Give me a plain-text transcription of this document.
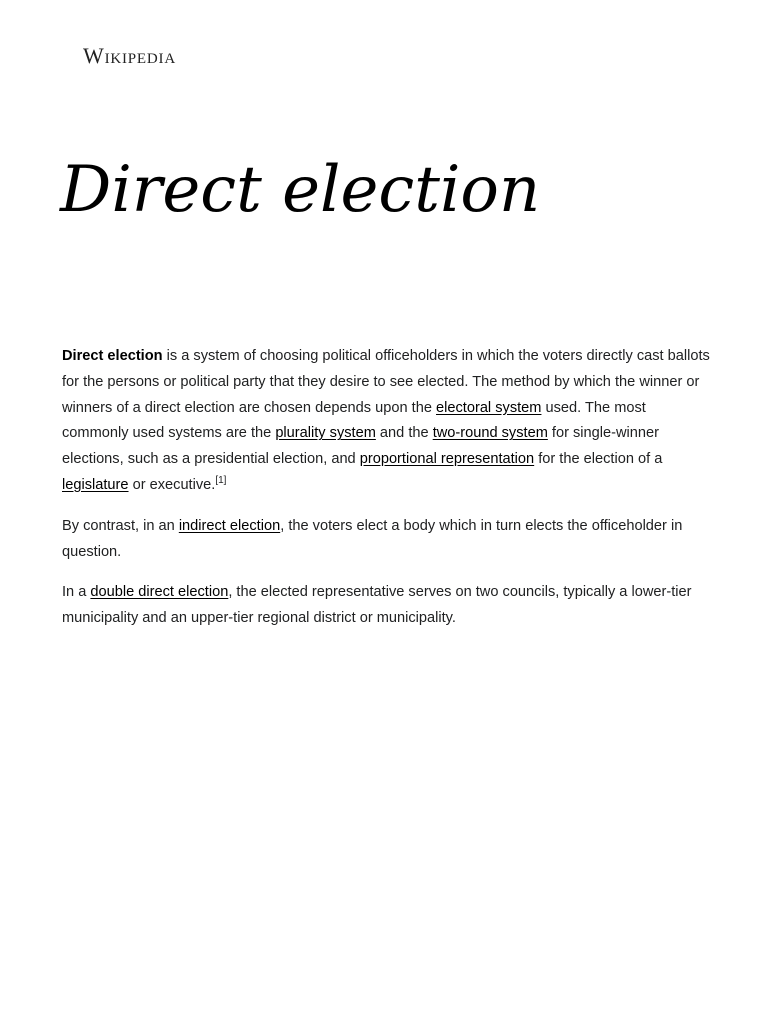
Wikipedia
Direct election

Direct election is a system of choosing political officeholders in which the voters directly cast ballots for the persons or political party that they desire to see elected. The method by which the winner or winners of a direct election are chosen depends upon the electoral system used. The most commonly used systems are the plurality system and the two-round system for single-winner elections, such as a presidential election, and proportional representation for the election of a legislature or executive.[1]

By contrast, in an indirect election, the voters elect a body which in turn elects the officeholder in question.

In a double direct election, the elected representative serves on two councils, typically a lower-tier municipality and an upper-tier regional district or municipality.
